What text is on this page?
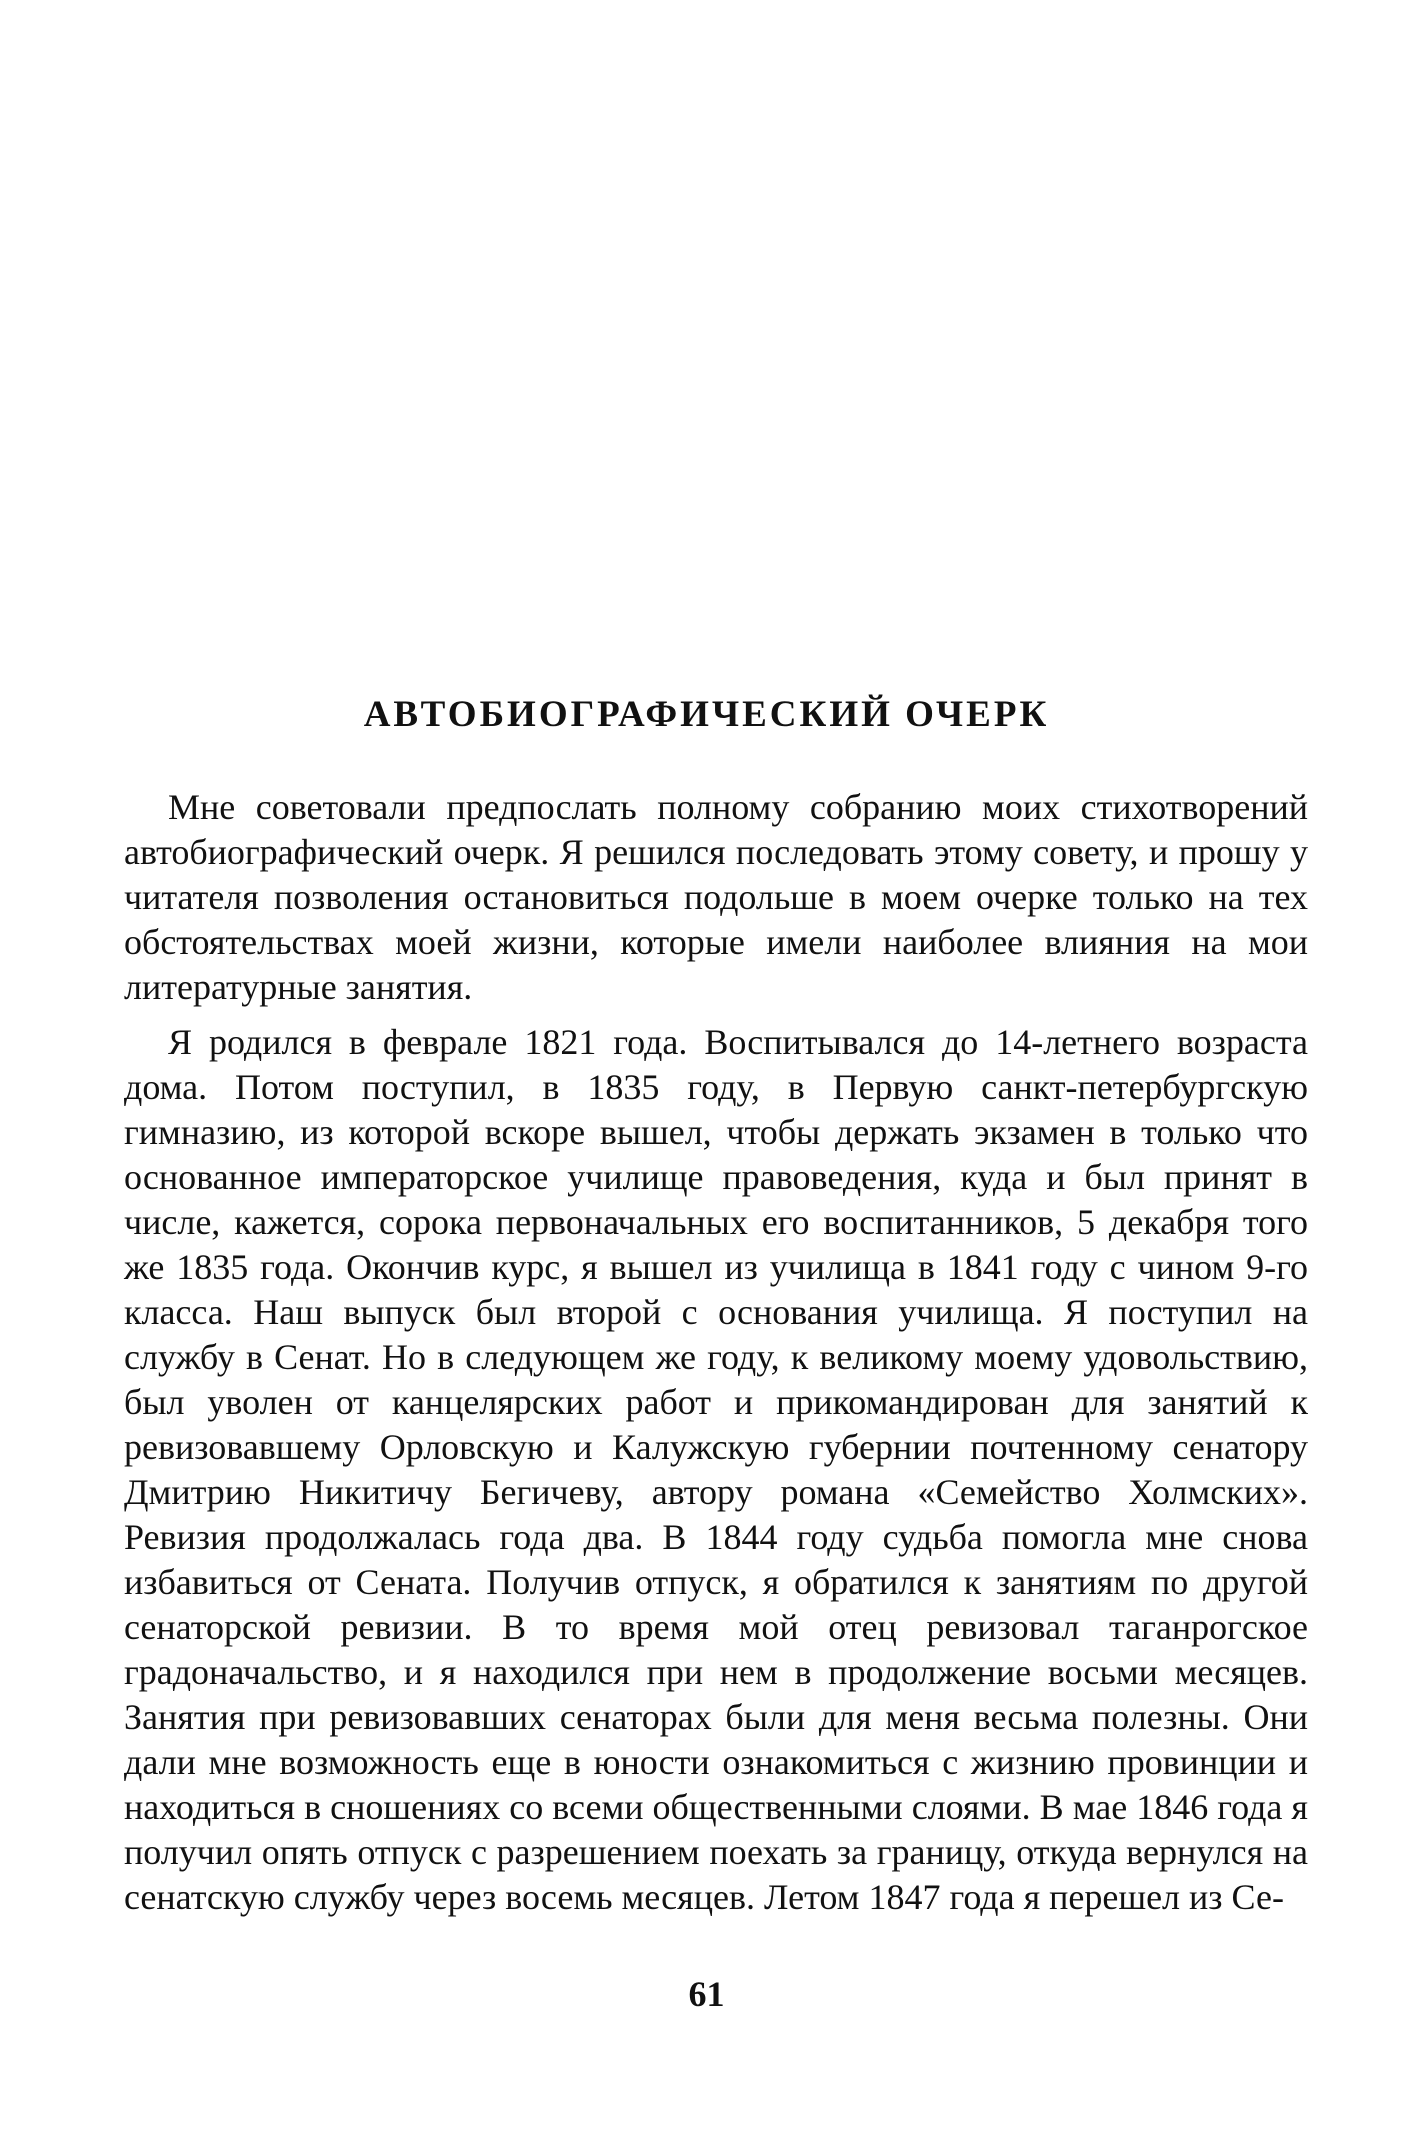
АВТОБИОГРАФИЧЕСКИЙ ОЧЕРК

Мне советовали предпослать полному собранию моих стихотворений автобиографический очерк. Я решился последовать этому совету, и прошу у читателя позволения остановиться подольше в моем очерке только на тех обстоятельствах моей жизни, которые имели наиболее влияния на мои литературные занятия.

Я родился в феврале 1821 года. Воспитывался до 14-летнего возраста дома. Потом поступил, в 1835 году, в Первую санкт-петербургскую гимназию, из которой вскоре вышел, чтобы держать экзамен в только что основанное императорское училище правоведения, куда и был принят в числе, кажется, сорока первоначальных его воспитанников, 5 декабря того же 1835 года. Окончив курс, я вышел из училища в 1841 году с чином 9-го класса. Наш выпуск был второй с основания училища. Я поступил на службу в Сенат. Но в следующем же году, к великому моему удовольствию, был уволен от канцелярских работ и прикомандирован для занятий к ревизовавшему Орловскую и Калужскую губернии почтенному сенатору Дмитрию Никитичу Бегичеву, автору романа «Семейство Холмских». Ревизия продолжалась года два. В 1844 году судьба помогла мне снова избавиться от Сената. Получив отпуск, я обратился к занятиям по другой сенаторской ревизии. В то время мой отец ревизовал таганрогское градоначальство, и я находился при нем в продолжение восьми месяцев. Занятия при ревизовавших сенаторах были для меня весьма полезны. Они дали мне возможность еще в юности ознакомиться с жизнию провинции и находиться в сношениях со всеми общественными слоями. В мае 1846 года я получил опять отпуск с разрешением поехать за границу, откуда вернулся на сенатскую службу через восемь месяцев. Летом 1847 года я перешел из Се-

61
